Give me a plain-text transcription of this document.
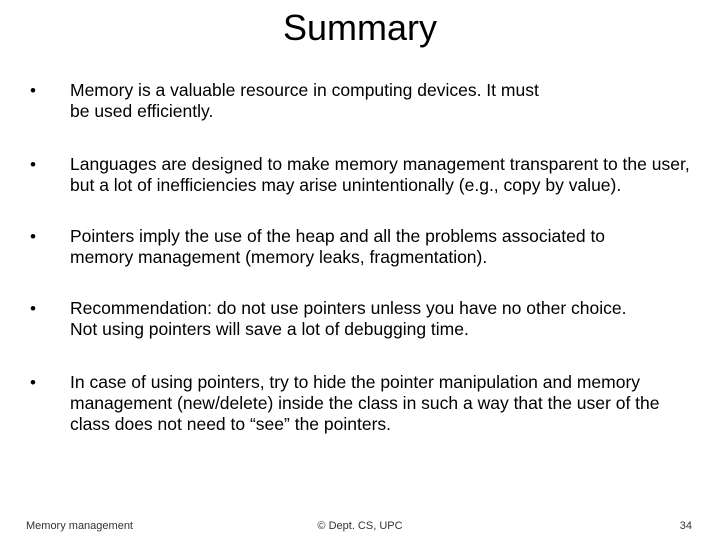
Summary
• Memory is a valuable resource in computing devices. It must be used efficiently.
• Languages are designed to make memory management transparent to the user, but a lot of inefficiencies may arise unintentionally (e.g., copy by value).
• Pointers imply the use of the heap and all the problems associated to memory management (memory leaks, fragmentation).
• Recommendation: do not use pointers unless you have no other choice. Not using pointers will save a lot of debugging time.
• In case of using pointers, try to hide the pointer manipulation and memory management (new/delete) inside the class in such a way that the user of the class does not need to “see” the pointers.
Memory management	© Dept. CS, UPC	34
